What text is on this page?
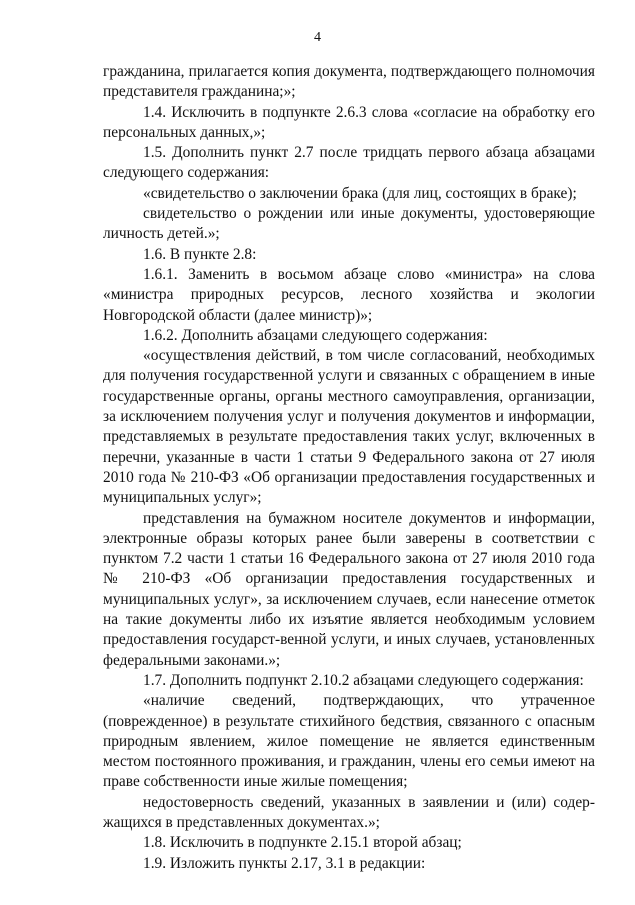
4

гражданина, прилагается копия документа, подтверждающего полномочия представителя гражданина;»;

1.4. Исключить в подпункте 2.6.3 слова «согласие на обработку его персональных данных,»;

1.5. Дополнить пункт 2.7 после тридцать первого абзаца абзацами следующего содержания:

«свидетельство о заключении брака (для лиц, состоящих в браке);

свидетельство о рождении или иные документы, удостоверяющие личность детей.»;

1.6. В пункте 2.8:

1.6.1. Заменить в восьмом абзаце слово «министра» на слова «министра природных ресурсов, лесного хозяйства и экологии Новгородской области (далее министр)»;

1.6.2. Дополнить абзацами следующего содержания:

«осуществления действий, в том числе согласований, необходимых для получения государственной услуги и связанных с обращением в иные государственные органы, органы местного самоуправления, организации, за исключением получения услуг и получения документов и информации, представляемых в результате предоставления таких услуг, включенных в перечни, указанные в части 1 статьи 9 Федерального закона от 27 июля 2010 года № 210-ФЗ «Об организации предоставления государственных и муниципальных услуг»;

представления на бумажном носителе документов и информации, электронные образы которых ранее были заверены в соответствии с пунктом 7.2 части 1 статьи 16 Федерального закона от 27 июля 2010 года № 210-ФЗ «Об организации предоставления государственных и муниципальных услуг», за исключением случаев, если нанесение отметок на такие документы либо их изъятие является необходимым условием предоставления государст-венной услуги, и иных случаев, установленных федеральными законами.»;

1.7. Дополнить подпункт 2.10.2 абзацами следующего содержания:

«наличие сведений, подтверждающих, что утраченное (поврежденное) в результате стихийного бедствия, связанного с опасным природным явлением, жилое помещение не является единственным местом постоянного проживания, и гражданин, члены его семьи имеют на праве собственности иные жилые помещения;

недостоверность сведений, указанных в заявлении и (или) содер-жащихся в представленных документах.»;

1.8. Исключить в подпункте 2.15.1 второй абзац;

1.9. Изложить пункты 2.17, 3.1 в редакции:
